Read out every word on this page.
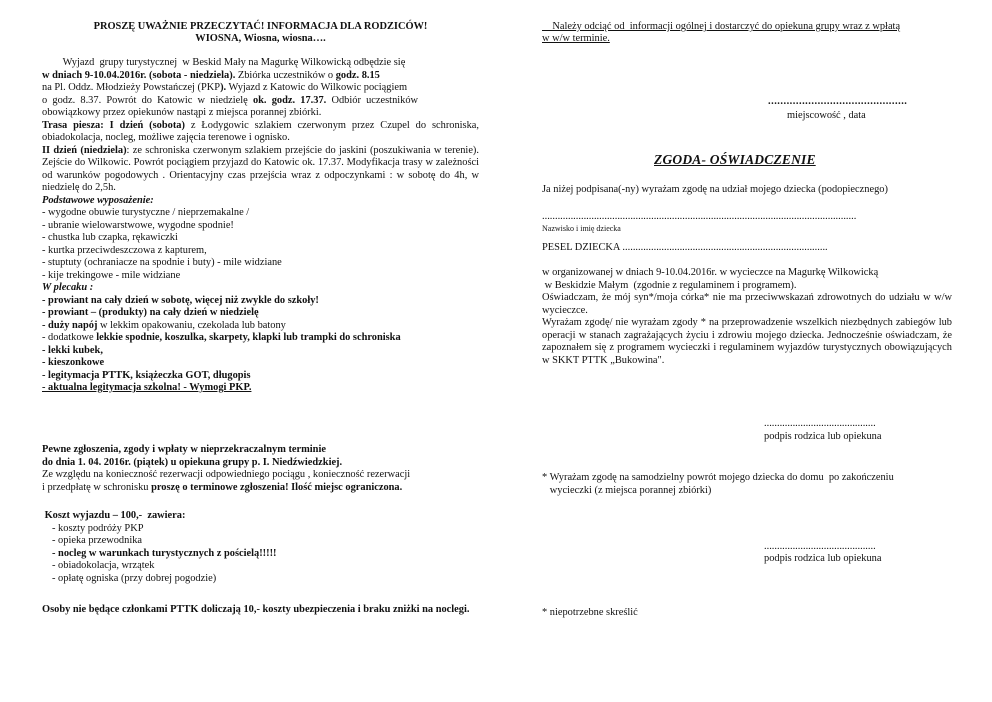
PROSZĘ UWAŻNIE PRZECZYTAĆ! INFORMACJA DLA RODZICÓW!

WIOSNA, Wiosna, wiosna….

Wyjazd  grupy turystycznej  w Beskid Mały na Magurkę Wilkowicką odbędzie się

w dniach 9-10.04.2016r. (sobota - niedziela). Zbiórka uczestników o godz. 8.15

na Pl. Oddz. Młodzieży Powstańczej (PKP). Wyjazd z Katowic do Wilkowic pociągiem

o  godz.  8.37.  Powrót  do  Katowic  w  niedzielę  ok.  godz.  17.37.  Odbiór  uczestników

obowiązkowy przez opiekunów nastąpi z miejsca porannej zbiórki.

Trasa piesza: I dzień (sobota) z Łodygowic szlakiem czerwonym przez Czupel do schroniska, obiadokolacja, nocleg, możliwe zajęcia terenowe i ognisko.

II dzień (niedziela): ze schroniska czerwonym szlakiem przejście do jaskini (poszukiwania w terenie). Zejście do Wilkowic. Powrót pociągiem przyjazd do Katowic ok. 17.37. Modyfikacja trasy w zależności od warunków pogodowych . Orientacyjny czas przejścia wraz z odpoczynkami : w sobotę do 4h, w niedzielę do 2,5h.

Podstawowe wyposażenie:

- wygodne obuwie turystyczne / nieprzemakalne /

- ubranie wielowarstwowe, wygodne spodnie!

- chustka lub czapka, rękawiczki

- kurtka przeciwdeszczowa z kapturem,

- stuptuty (ochraniacze na spodnie i buty) - mile widziane

- kije trekingowe - mile widziane

W plecaku :

- prowiant na cały dzień w sobotę, więcej niż zwykle do szkoły!

- prowiant – (produkty) na cały dzień w niedzielę

- duży napój w lekkim opakowaniu, czekolada lub batony

- dodatkowe lekkie spodnie, koszulka, skarpety, klapki lub trampki do schroniska

- lekki kubek,

- kieszonkowe

- legitymacja PTTK, książeczka GOT, długopis

- aktualna legitymacja szkolna! - Wymogi PKP.

Pewne zgłoszenia, zgody i wpłaty w nieprzekraczalnym terminie

do dnia 1. 04. 2016r. (piątek) u opiekuna grupy p. I. Niedźwiedzkiej.

Ze względu na konieczność rezerwacji odpowiedniego pociągu , konieczność rezerwacji

i przedpłatę w schronisku proszę o terminowe zgłoszenia! Ilość miejsc ograniczona.

Koszt wyjazdu – 100,-  zawiera:

- koszty podróży PKP

- opieka przewodnika

- nocleg w warunkach turystycznych z pościelą!!!!!

- obiadokolacja, wrzątek

- opłatę ogniska (przy dobrej pogodzie)

Osoby nie będące członkami PTTK doliczają 10,- koszty ubezpieczenia i braku zniżki na noclegi.

Należy odciąć od  informacji ogólnej i dostarczyć do opiekuna grupy wraz z wpłatą

w w/w terminie.

.............................................

miejscowość , data

ZGODA- OŚWIADCZENIE

Ja niżej podpisana(-ny) wyrażam zgodę na udział mojego dziecka (podopiecznego)

.........................................................................................................................

Nazwisko i imię dziecka

PESEL DZIECKA ...............................................................................

w organizowanej w dniach 9-10.04.2016r. w wycieczce na Magurkę Wilkowicką

w Beskidzie Małym  (zgodnie z regulaminem i programem).

Oświadczam, że mój syn*/moja córka* nie ma przeciwwskazań zdrowotnych do udziału w w/w wycieczce.

Wyrażam zgodę/ nie wyrażam zgody * na przeprowadzenie wszelkich niezbędnych zabiegów lub operacji w stanach zagrażających życiu i zdrowiu mojego dziecka. Jednocześnie oświadczam, że zapoznałem się z programem wycieczki i regulaminem wyjazdów turystycznych obowiązujących w SKKT PTTK „Bukowina".

...........................................

podpis rodzica lub opiekuna

* Wyrażam zgodę na samodzielny powrót mojego dziecka do domu  po zakończeniu

wycieczki (z miejsca porannej zbiórki)

...........................................

podpis rodzica lub opiekuna

* niepotrzebne skreślić
